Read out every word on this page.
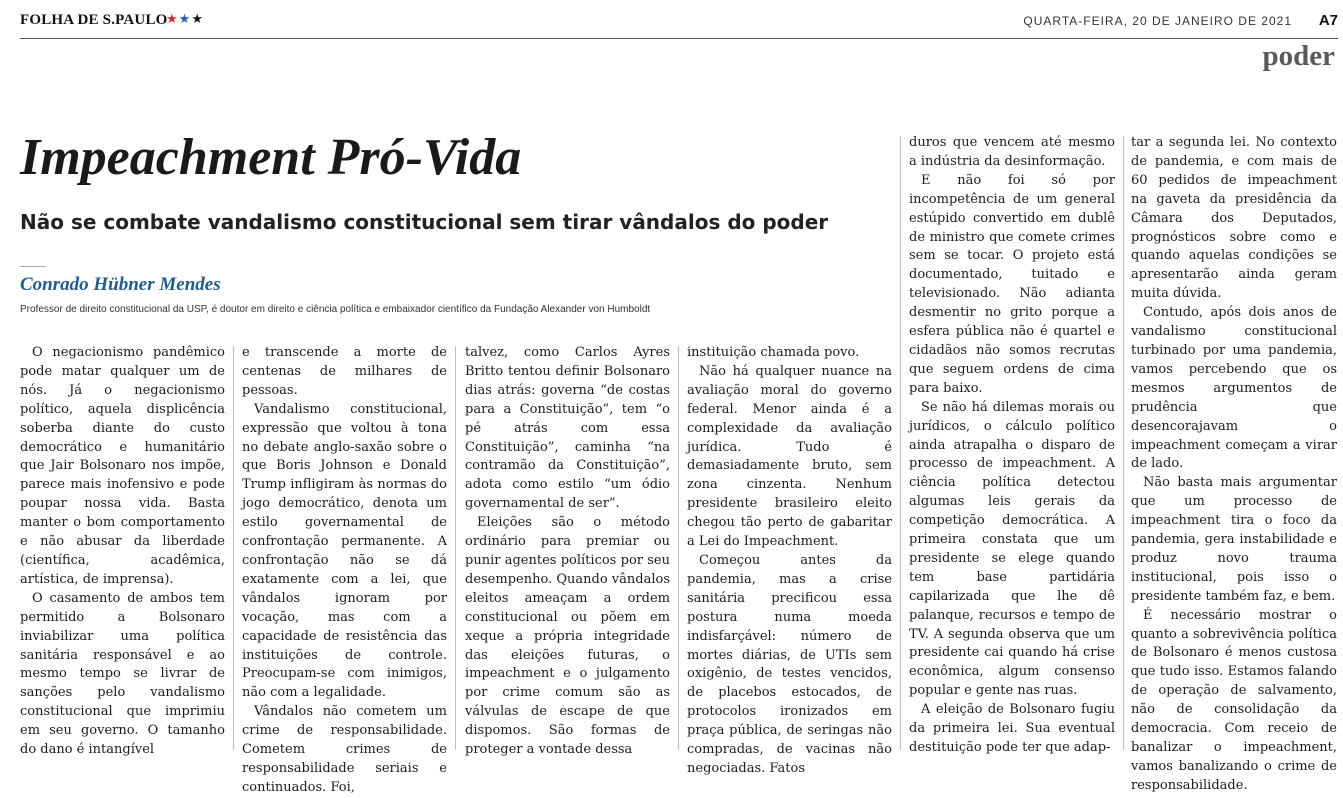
FOLHA DE S.PAULO
★★★	QUARTA-FEIRA, 20 DE JANEIRO DE 2021 A7
poder
Impeachment Pró-Vida
Não se combate vandalismo constitucional sem tirar vândalos do poder
Conrado Hübner Mendes
Professor de direito constitucional da USP, é doutor em direito e ciência política e embaixador científico da Fundação Alexander von Humboldt

O negacionismo pandêmico pode matar qualquer um de nós. Já o negacionismo político, aquela displicência soberba diante do custo democrático e humanitário que Jair Bolsonaro nos impõe, parece mais inofensivo e pode poupar nossa vida. Basta manter o bom comportamento e não abusar da liberdade (científica, acadêmica, artística, de imprensa).

O casamento de ambos tem permitido a Bolsonaro inviabilizar uma política sanitária responsável e ao mesmo tempo se livrar de sanções pelo vandalismo constitucional que imprimiu em seu governo. O tamanho do dano é intangível

e transcende a morte de centenas de milhares de pessoas.

Vandalismo constitucional, expressão que voltou à tona no debate anglo-saxão sobre o que Boris Johnson e Donald Trump infligiram às normas do jogo democrático, denota um estilo governamental de confrontação permanente. A confrontação não se dá exatamente com a lei, que vândalos ignoram por vocação, mas com a capacidade de resistência das instituições de controle. Preocupam-se com inimigos, não com a legalidade.

Vândalos não cometem um crime de responsabilidade. Cometem crimes de responsabilidade seriais e continuados. Foi,

talvez, como Carlos Ayres Britto tentou definir Bolsonaro dias atrás: governa “de costas para a Constituição”, tem “o pé atrás com essa Constituição”, caminha “na contramão da Constituição”, adota como estilo “um ódio governamental de ser”.

Eleições são o método ordinário para premiar ou punir agentes políticos por seu desempenho. Quando vândalos eleitos ameaçam a ordem constitucional ou põem em xeque a própria integridade das eleições futuras, o impeachment e o julgamento por crime comum são as válvulas de escape de que dispomos. São formas de proteger a vontade dessa

instituição chamada povo.

Não há qualquer nuance na avaliação moral do governo federal. Menor ainda é a complexidade da avaliação jurídica. Tudo é demasiadamente bruto, sem zona cinzenta. Nenhum presidente brasileiro eleito chegou tão perto de gabaritar a Lei do Impeachment.

Começou antes da pandemia, mas a crise sanitária precificou essa postura numa moeda indisfarçável: número de mortes diárias, de UTIs sem oxigênio, de testes vencidos, de placebos estocados, de protocolos ironizados em praça pública, de seringas não compradas, de vacinas não negociadas. Fatos

duros que vencem até mesmo a indústria da desinformação.

E não foi só por incompetência de um general estúpido convertido em dublê de ministro que comete crimes sem se tocar. O projeto está documentado, tuitado e televisionado. Não adianta desmentir no grito porque a esfera pública não é quartel e cidadãos não somos recrutas que seguem ordens de cima para baixo.

Se não há dilemas morais ou jurídicos, o cálculo político ainda atrapalha o disparo de processo de impeachment. A ciência política detectou algumas leis gerais da competição democrática. A primeira constata que um presidente se elege quando tem base partidária capilarizada que lhe dê palanque, recursos e tempo de TV. A segunda observa que um presidente cai quando há crise econômica, algum consenso popular e gente nas ruas.

A eleição de Bolsonaro fugiu da primeira lei. Sua eventual destituição pode ter que adap-

tar a segunda lei. No contexto de pandemia, e com mais de 60 pedidos de impeachment na gaveta da presidência da Câmara dos Deputados, prognósticos sobre como e quando aquelas condições se apresentarão ainda geram muita dúvida.

Contudo, após dois anos de vandalismo constitucional turbinado por uma pandemia, vamos percebendo que os mesmos argumentos de prudência que desencorajavam o impeachment começam a virar de lado.

Não basta mais argumentar que um processo de impeachment tira o foco da pandemia, gera instabilidade e produz novo trauma institucional, pois isso o presidente também faz, e bem.

É necessário mostrar o quanto a sobrevivência política de Bolsonaro é menos custosa que tudo isso. Estamos falando de operação de salvamento, não de consolidação da democracia. Com receio de banalizar o impeachment, vamos banalizando o crime de responsabilidade.
